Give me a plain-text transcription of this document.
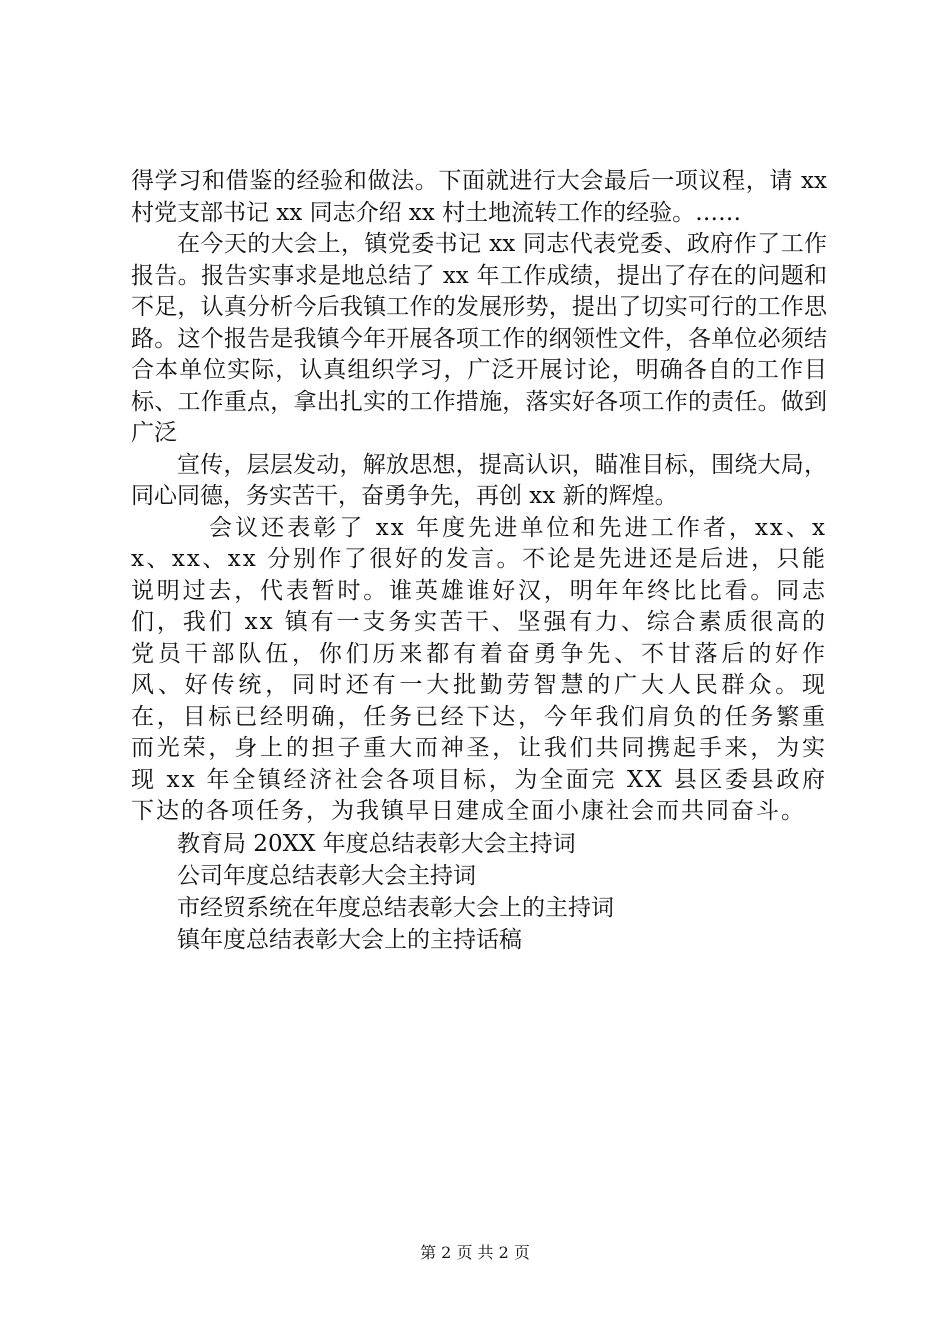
得学习和借鉴的经验和做法。下面就进行大会最后一项议程，请 xx 村党支部书记 xx 同志介绍 xx 村土地流转工作的经验。……

在今天的大会上，镇党委书记 xx 同志代表党委、政府作了工作报告。报告实事求是地总结了 xx 年工作成绩，提出了存在的问题和不足，认真分析今后我镇工作的发展形势，提出了切实可行的工作思路。这个报告是我镇今年开展各项工作的纲领性文件，各单位必须结合本单位实际，认真组织学习，广泛开展讨论，明确各自的工作目标、工作重点，拿出扎实的工作措施，落实好各项工作的责任。做到广泛

宣传，层层发动，解放思想，提高认识，瞄准目标，围绕大局，同心同德，务实苦干，奋勇争先，再创 xx 新的辉煌。

会议还表彰了 xx 年度先进单位和先进工作者，xx、xx、xx、xx 分别作了很好的发言。不论是先进还是后进，只能说明过去，代表暂时。谁英雄谁好汉，明年年终比比看。同志们，我们 xx 镇有一支务实苦干、坚强有力、综合素质很高的党员干部队伍，你们历来都有着奋勇争先、不甘落后的好作风、好传统，同时还有一大批勤劳智慧的广大人民群众。现在，目标已经明确，任务已经下达，今年我们肩负的任务繁重而光荣，身上的担子重大而神圣，让我们共同携起手来，为实现 xx 年全镇经济社会各项目标，为全面完 XX 县区委县政府下达的各项任务，为我镇早日建成全面小康社会而共同奋斗。

教育局 20XX 年度总结表彰大会主持词

公司年度总结表彰大会主持词

市经贸系统在年度总结表彰大会上的主持词

镇年度总结表彰大会上的主持话稿

第 2 页 共 2 页
